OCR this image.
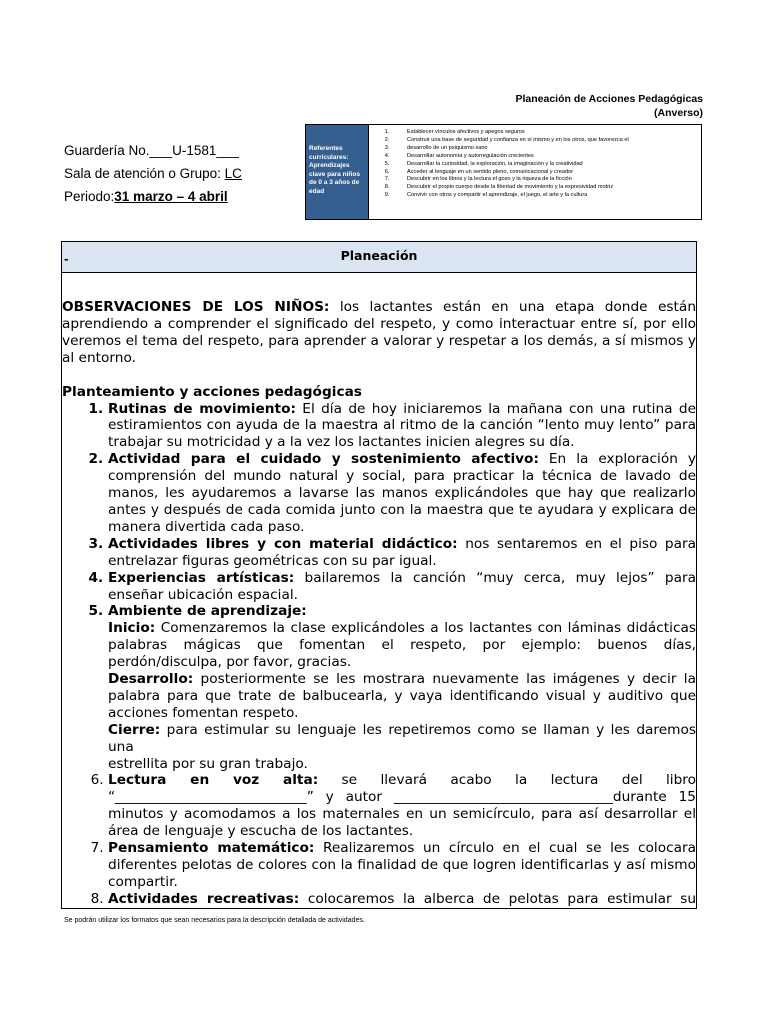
Planeación de Acciones Pedagógicas
(Anverso)
Guardería No.___U-1581___
Sala de atención o Grupo: LC
Periodo:31 marzo – 4 abril
Referentes curriculares: Aprendizajes clave para niños de 0 a 3 años de edad
1. Establecer vínculos afectivos y apegos seguros
2. Construir una base de seguridad y confianza en sí mismo y en los otros, que favorezca el
3. desarrollo de un psiquismo sano
4. Desarrollar autonomía y autorregulación crecientes
5. Desarrollar la curiosidad, la exploración, la imaginación y la creatividad
6. Acceder al lenguaje en un sentido pleno, comunicacional y creador
7. Descubrir en los libros y la lectura el gozo y la riqueza de la ficción
8. Descubrir el propio cuerpo desde la libertad de movimiento y la expresividad motriz
9. Convivir con otros y compartir el aprendizaje, el juego, el arte y la cultura
-	Planeación

OBSERVACIONES DE LOS NIÑOS: los lactantes están en una etapa donde están aprendiendo a comprender el significado del respeto, y como interactuar entre sí, por ello veremos el tema del respeto, para aprender a valorar y respetar a los demás, a sí mismos y al entorno.

Planteamiento y acciones pedagógicas

1. Rutinas de movimiento: El día de hoy iniciaremos la mañana con una rutina de estiramientos con ayuda de la maestra al ritmo de la canción “lento muy lento” para trabajar su motricidad y a la vez los lactantes inicien alegres su día.
2. Actividad para el cuidado y sostenimiento afectivo: En la exploración y comprensión del mundo natural y social, para practicar la técnica de lavado de manos, les ayudaremos a lavarse las manos explicándoles que hay que realizarlo antes y después de cada comida junto con la maestra que te ayudara y explicara de manera divertida cada paso.
3. Actividades libres y con material didáctico: nos sentaremos en el piso para entrelazar figuras geométricas con su par igual.
4. Experiencias artísticas: bailaremos la canción “muy cerca, muy lejos” para enseñar ubicación espacial.
5. Ambiente de aprendizaje:
Inicio: Comenzaremos la clase explicándoles a los lactantes con láminas didácticas palabras mágicas que fomentan el respeto, por ejemplo: buenos días, perdón/disculpa, por favor, gracias.
Desarrollo: posteriormente se les mostrara nuevamente las imágenes y decir la palabra para que trate de balbucearla, y vaya identificando visual y auditivo que acciones fomentan respeto.
Cierre: para estimular su lenguaje les repetiremos como se llaman y les daremos una
estrellita por su gran trabajo.
6. Lectura en voz alta: se llevará acabo la lectura del libro “____________________________” y autor ________________________________durante 15 minutos y acomodamos a los maternales en un semicírculo, para así desarrollar el área de lenguaje y escucha de los lactantes.
7. Pensamiento matemático: Realizaremos un círculo en el cual se les colocara diferentes pelotas de colores con la finalidad de que logren identificarlas y así mismo compartir.
8. Actividades recreativas: colocaremos la alberca de pelotas para estimular su
Se podrán utilizar los formatos que sean necesarios para la descripción detallada de actividades.
